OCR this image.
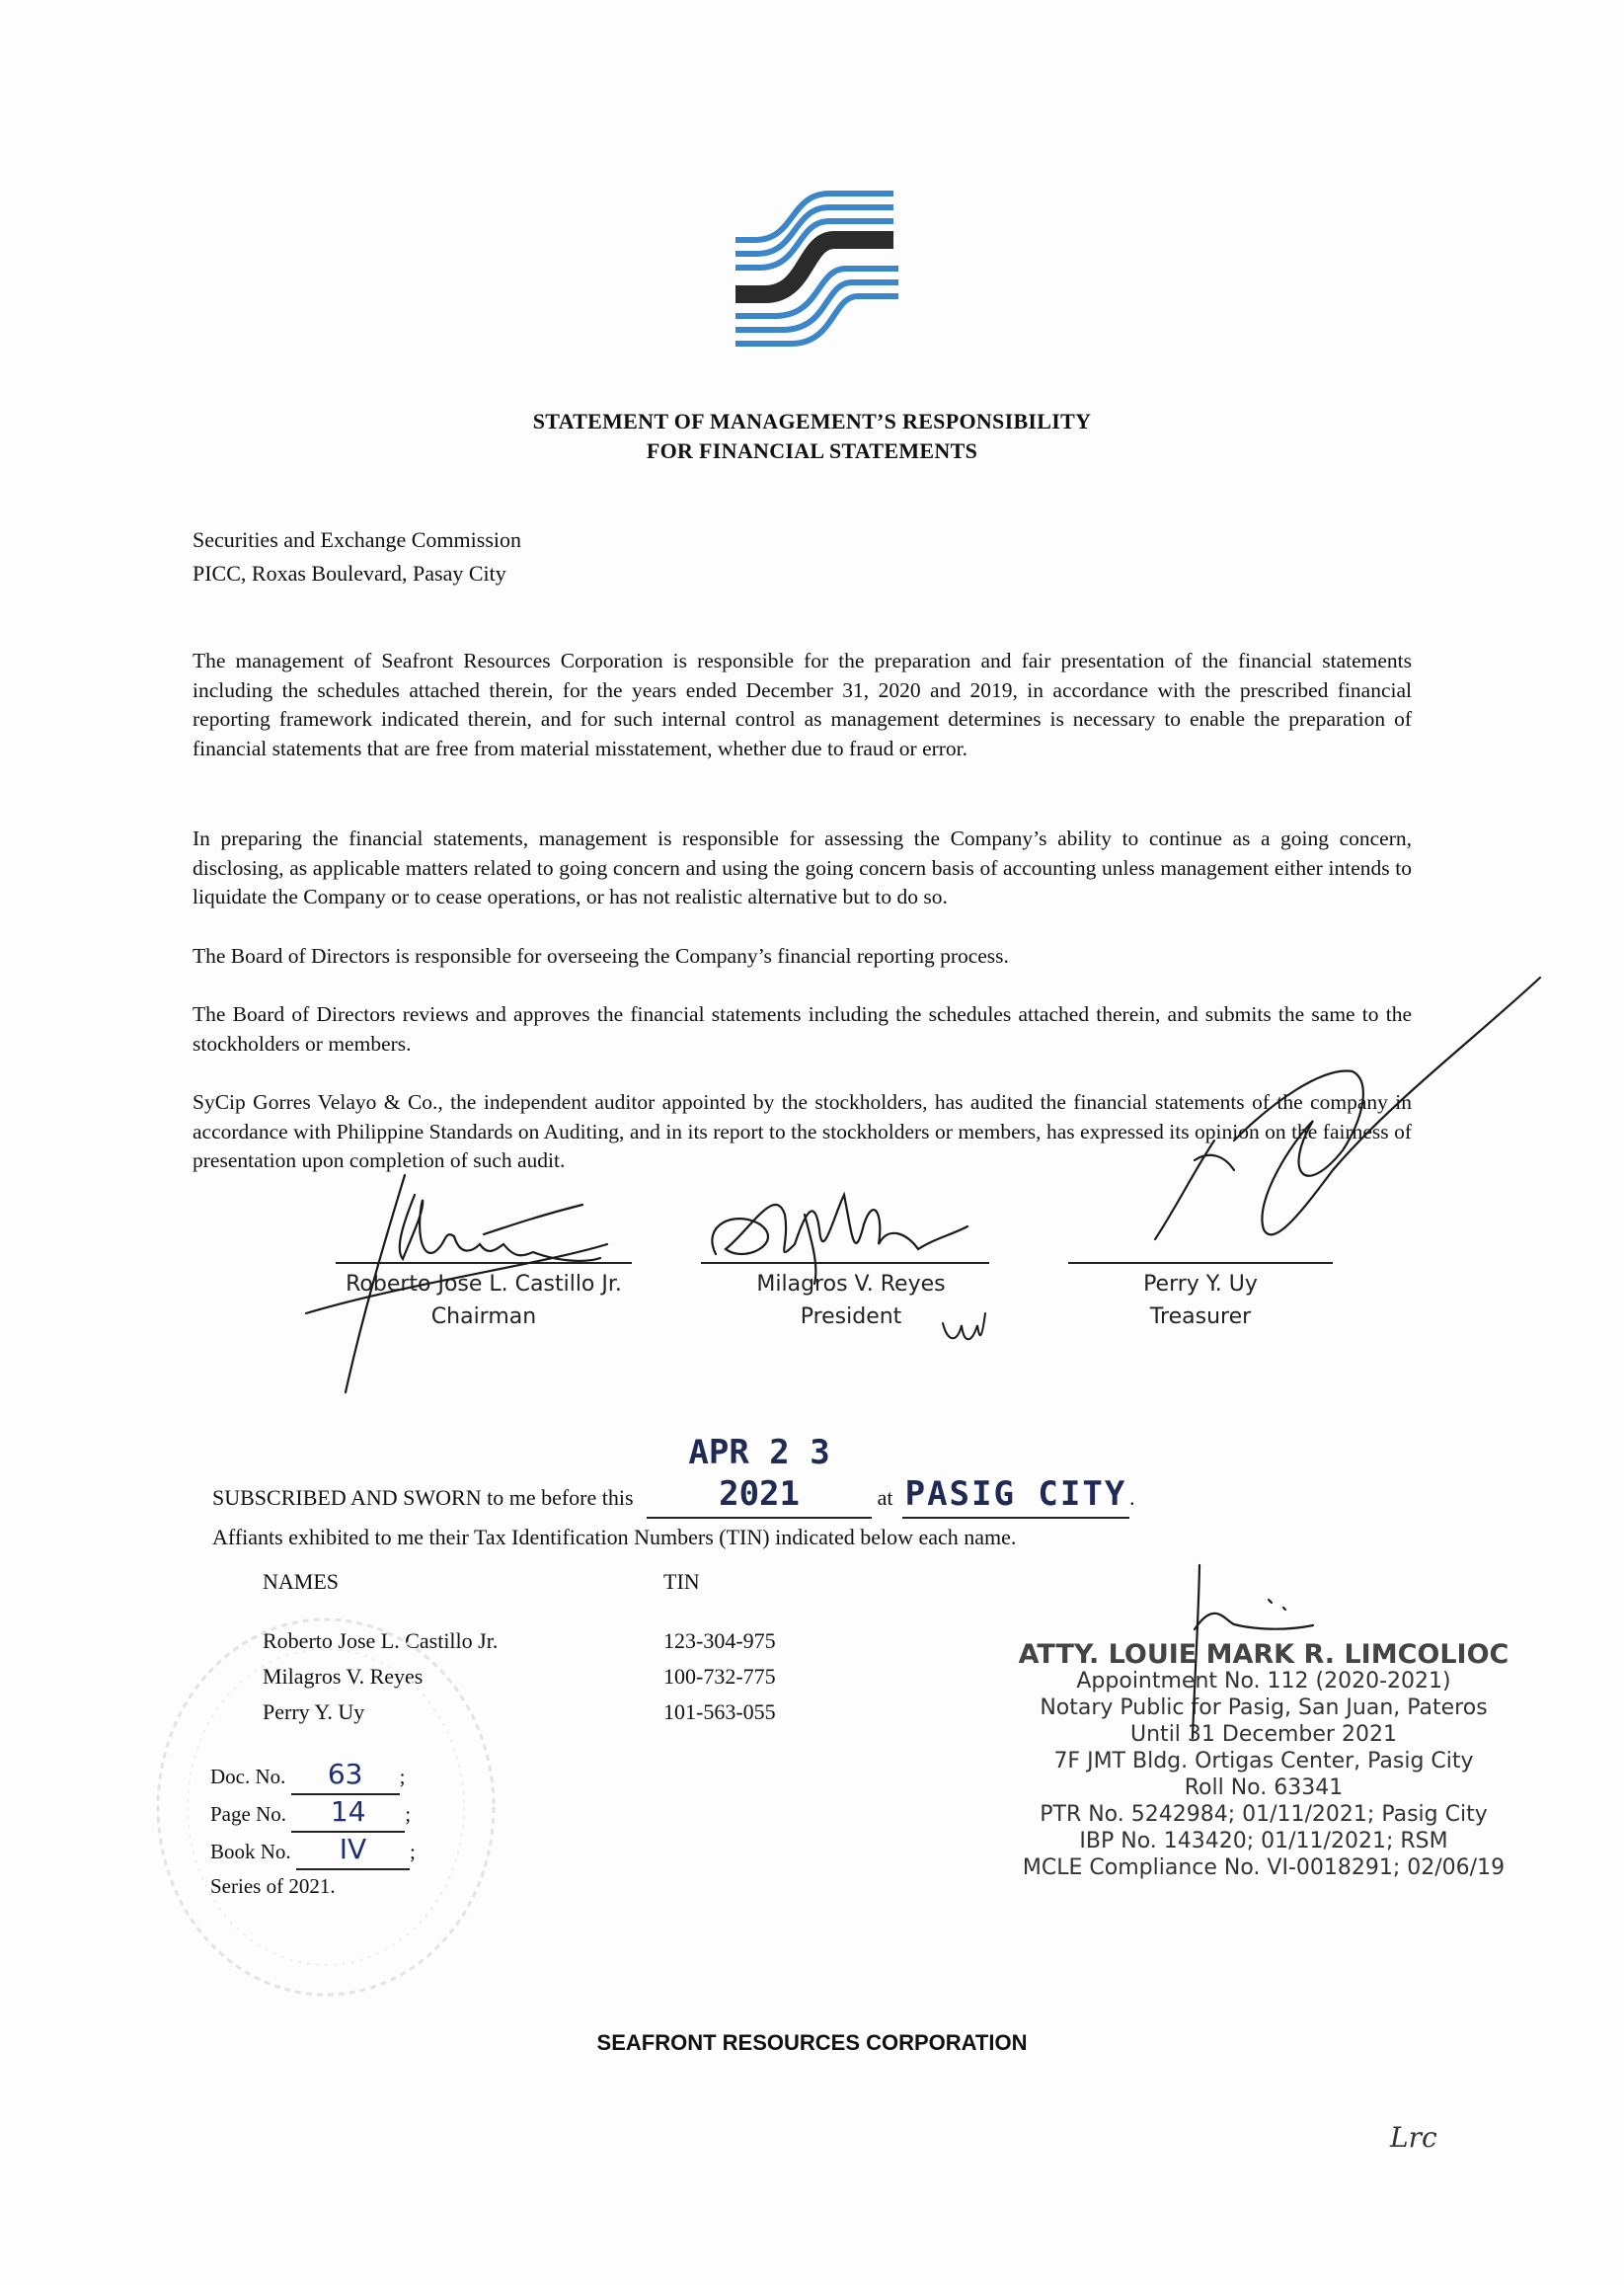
STATEMENT OF MANAGEMENT’S RESPONSIBILITY
FOR FINANCIAL STATEMENTS
Securities and Exchange Commission
PICC, Roxas Boulevard, Pasay City
The management of Seafront Resources Corporation is responsible for the preparation and fair presentation of the financial statements including the schedules attached therein, for the years ended December 31, 2020 and 2019, in accordance with the prescribed financial reporting framework indicated therein, and for such internal control as management determines is necessary to enable the preparation of financial statements that are free from material misstatement, whether due to fraud or error.
In preparing the financial statements, management is responsible for assessing the Company’s ability to continue as a going concern, disclosing, as applicable matters related to going concern and using the going concern basis of accounting unless management either intends to liquidate the Company or to cease operations, or has not realistic alternative but to do so.
The Board of Directors is responsible for overseeing the Company’s financial reporting process.
The Board of Directors reviews and approves the financial statements including the schedules attached therein, and submits the same to the stockholders or members.
SyCip Gorres Velayo & Co., the independent auditor appointed by the stockholders, has audited the financial statements of the company in accordance with Philippine Standards on Auditing, and in its report to the stockholders or members, has expressed its opinion on the fairness of presentation upon completion of such audit.
Roberto Jose L. Castillo Jr.
Chairman
Milagros V. Reyes
President
Perry Y. Uy
Treasurer
SUBSCRIBED AND SWORN to me before this APR 2 3 2021	at PASIG CITY .
Affiants exhibited to me their Tax Identification Numbers (TIN) indicated below each name.
NAMES	TIN
Roberto Jose L. Castillo Jr.
Milagros V. Reyes
Perry Y. Uy
123-304-975
100-732-775
101-563-055
Doc. No. 63 ;
Page No. 14 ;
Book No. IV ;
Series of 2021.
ATTY. LOUIE MARK R. LIMCOLIOC
Appointment No. 112 (2020-2021)
Notary Public for Pasig, San Juan, Pateros
Until 31 December 2021
7F JMT Bldg. Ortigas Center, Pasig City
Roll No. 63341
PTR No. 5242984; 01/11/2021; Pasig City
IBP No. 143420; 01/11/2021; RSM
MCLE Compliance No. VI-0018291; 02/06/19
SEAFRONT RESOURCES CORPORATION
Lrc
